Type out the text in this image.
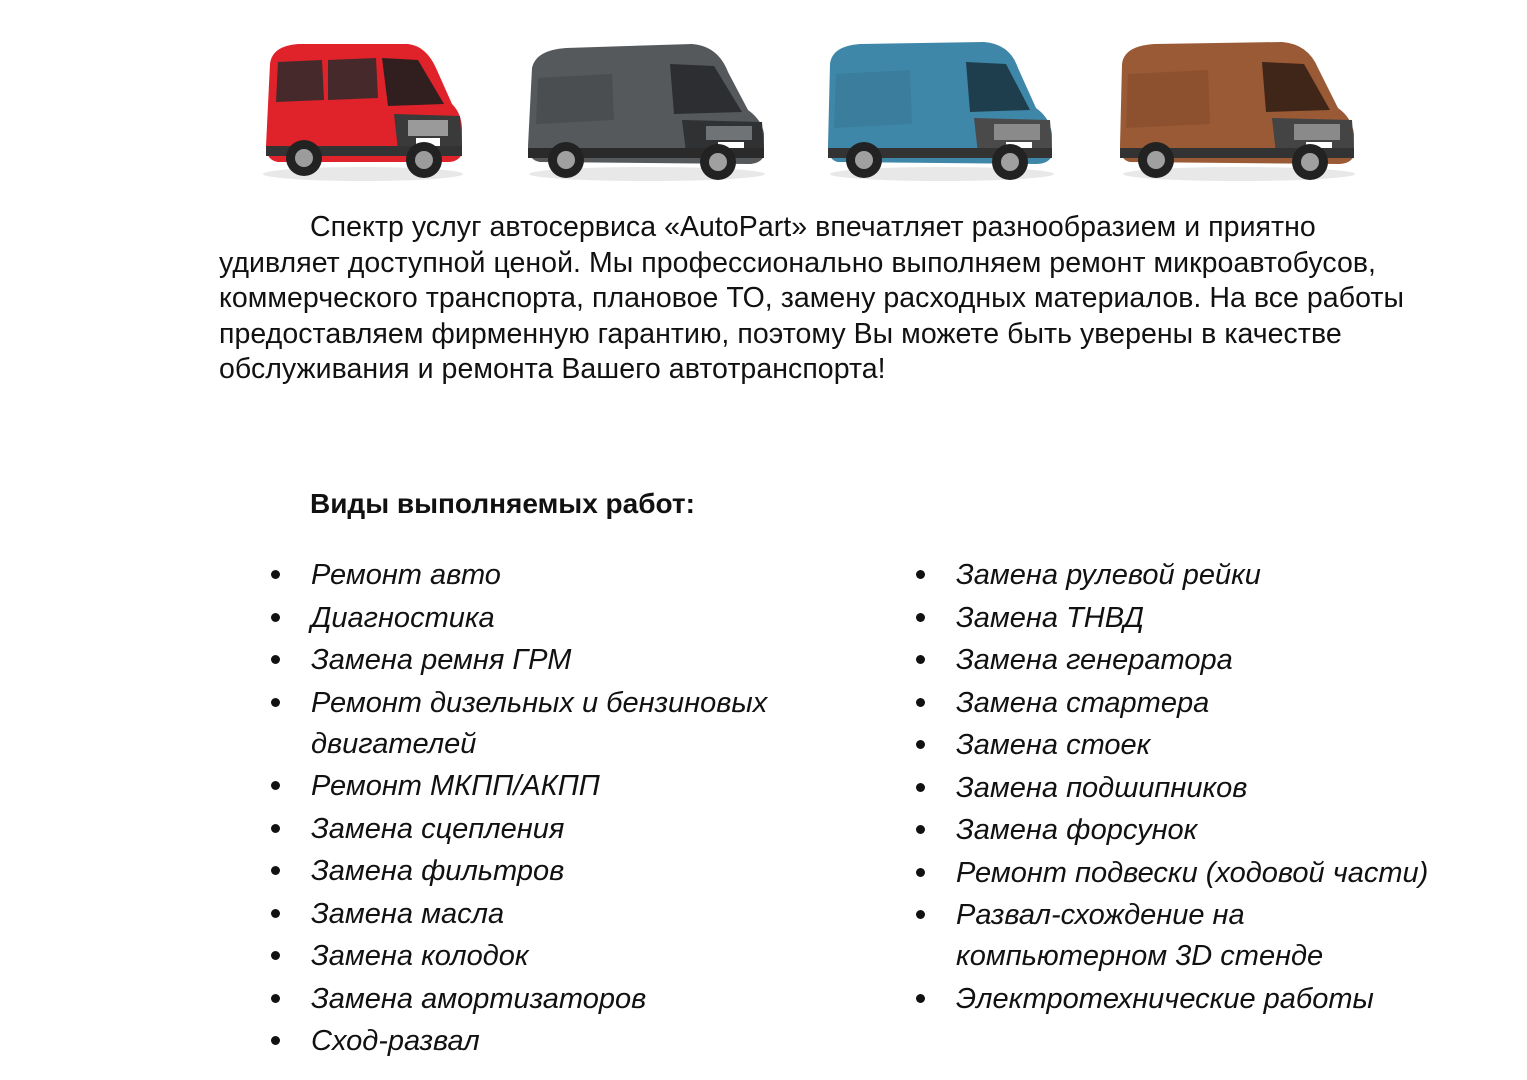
Спектр услуг автосервиса «AutoPart» впечатляет разнообразием и приятно удивляет доступной ценой. Мы профессионально выполняем ремонт микроавтобусов, коммерческого транспорта, плановое ТО, замену расходных материалов. На все работы предоставляем фирменную гарантию, поэтому Вы можете быть уверены в качестве обслуживания и ремонта Вашего автотранспорта!

Виды выполняемых работ:
Ремонт авто
Диагностика
Замена ремня ГРМ
Ремонт дизельных и бензиновых двигателей
Ремонт МКПП/АКПП
Замена сцепления
Замена фильтров
Замена масла
Замена колодок
Замена амортизаторов
Сход-развал
Замена рулевой рейки
Замена ТНВД
Замена генератора
Замена стартера
Замена стоек
Замена подшипников
Замена форсунок
Ремонт подвески (ходовой части)
Развал-схождение на компьютерном 3D стенде
Электротехнические работы
